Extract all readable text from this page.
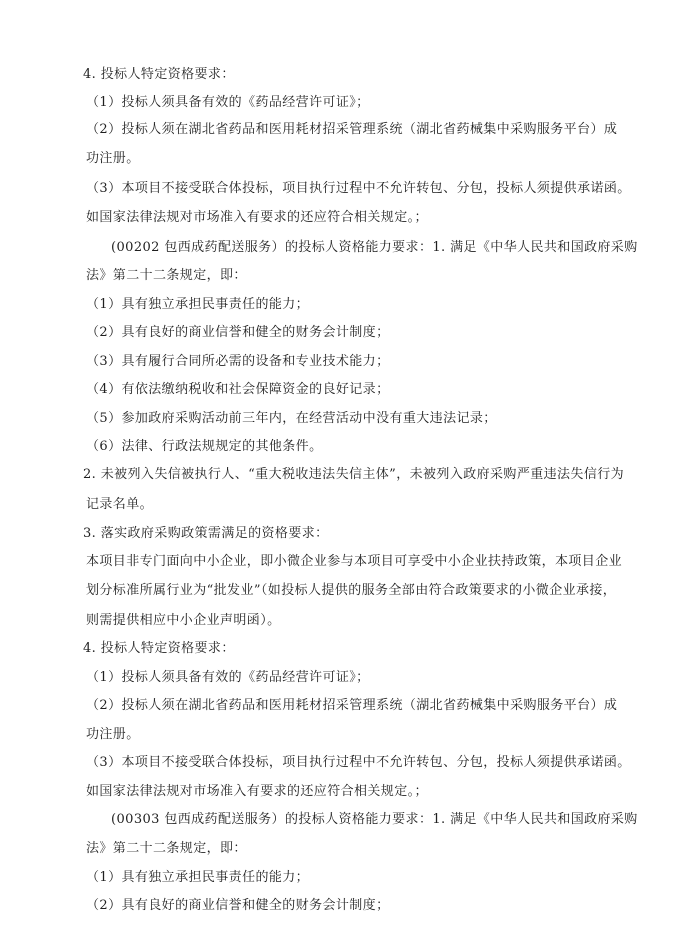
4. 投标人特定资格要求：
（1）投标人须具备有效的《药品经营许可证》；
（2）投标人须在湖北省药品和医用耗材招采管理系统（湖北省药械集中采购服务平台）成
功注册。
（3）本项目不接受联合体投标，项目执行过程中不允许转包、分包，投标人须提供承诺函。
如国家法律法规对市场准入有要求的还应符合相关规定。；
(00202 包西成药配送服务）的投标人资格能力要求：1. 满足《中华人民共和国政府采购
法》第二十二条规定，即：
（1）具有独立承担民事责任的能力；
（2）具有良好的商业信誉和健全的财务会计制度；
（3）具有履行合同所必需的设备和专业技术能力；
（4）有依法缴纳税收和社会保障资金的良好记录；
（5）参加政府采购活动前三年内，在经营活动中没有重大违法记录；
（6）法律、行政法规规定的其他条件。
2. 未被列入失信被执行人、“重大税收违法失信主体”，未被列入政府采购严重违法失信行为
记录名单。
3. 落实政府采购政策需满足的资格要求：
本项目非专门面向中小企业，即小微企业参与本项目可享受中小企业扶持政策，本项目企业
划分标准所属行业为“批发业”（如投标人提供的服务全部由符合政策要求的小微企业承接，
则需提供相应中小企业声明函）。
4. 投标人特定资格要求：
（1）投标人须具备有效的《药品经营许可证》；
（2）投标人须在湖北省药品和医用耗材招采管理系统（湖北省药械集中采购服务平台）成
功注册。
（3）本项目不接受联合体投标，项目执行过程中不允许转包、分包，投标人须提供承诺函。
如国家法律法规对市场准入有要求的还应符合相关规定。；
(00303 包西成药配送服务）的投标人资格能力要求：1. 满足《中华人民共和国政府采购
法》第二十二条规定，即：
（1）具有独立承担民事责任的能力；
（2）具有良好的商业信誉和健全的财务会计制度；
